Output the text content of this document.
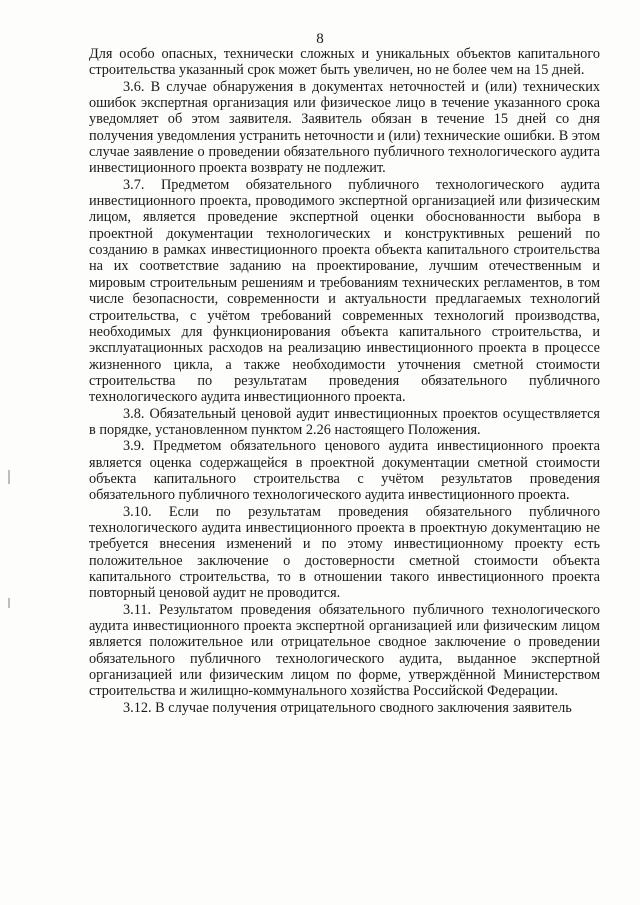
8

Для особо опасных, технически сложных и уникальных объектов капитального строительства указанный срок может быть увеличен, но не более чем на 15 дней.

3.6. В случае обнаружения в документах неточностей и (или) технических ошибок экспертная организация или физическое лицо в течение указанного срока уведомляет об этом заявителя. Заявитель обязан в течение 15 дней со дня получения уведомления устранить неточности и (или) технические ошибки. В этом случае заявление о проведении обязательного публичного технологического аудита инвестиционного проекта возврату не подлежит.

3.7. Предметом обязательного публичного технологического аудита инвестиционного проекта, проводимого экспертной организацией или физическим лицом, является проведение экспертной оценки обоснованности выбора в проектной документации технологических и конструктивных решений по созданию в рамках инвестиционного проекта объекта капитального строительства на их соответствие заданию на проектирование, лучшим отечественным и мировым строительным решениям и требованиям технических регламентов, в том числе безопасности, современности и актуальности предлагаемых технологий строительства, с учётом требований современных технологий производства, необходимых для функционирования объекта капитального строительства, и эксплуатационных расходов на реализацию инвестиционного проекта в процессе жизненного цикла, а также необходимости уточнения сметной стоимости строительства по результатам проведения обязательного публичного технологического аудита инвестиционного проекта.

3.8. Обязательный ценовой аудит инвестиционных проектов осуществляется в порядке, установленном пунктом 2.26 настоящего Положения.

3.9. Предметом обязательного ценового аудита инвестиционного проекта является оценка содержащейся в проектной документации сметной стоимости объекта капитального строительства с учётом результатов проведения обязательного публичного технологического аудита инвестиционного проекта.

3.10. Если по результатам проведения обязательного публичного технологического аудита инвестиционного проекта в проектную документацию не требуется внесения изменений и по этому инвестиционному проекту есть положительное заключение о достоверности сметной стоимости объекта капитального строительства, то в отношении такого инвестиционного проекта повторный ценовой аудит не проводится.

3.11. Результатом проведения обязательного публичного технологического аудита инвестиционного проекта экспертной организацией или физическим лицом является положительное или отрицательное сводное заключение о проведении обязательного публичного технологического аудита, выданное экспертной организацией или физическим лицом по форме, утверждённой Министерством строительства и жилищно-коммунального хозяйства Российской Федерации.

3.12. В случае получения отрицательного сводного заключения заявитель
